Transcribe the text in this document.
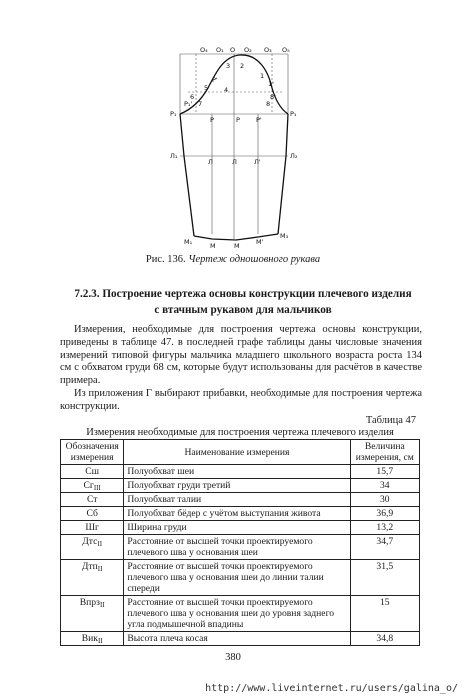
O₁ O O₂ O₃ O₅
O₄
3 2
1
1'
P'
5 4
6	8'
P₁' 7	8
P₁
P	P P'
P₁
Л₁
Л	Л	Л'
Л₂
M₁	M	M	M'
M₃
Рис. 136. Чертеж одношовного рукава
7.2.3. Построение чертежа основы конструкции плечевого изделия
с втачным рукавом для мальчиков
Измерения, необходимые для построения чертежа основы конструкции, приведены в таблице 47. в последней графе таблицы даны числовые значения измерений типовой фигуры мальчика младшего школьного возраста роста 134 см с обхватом груди 68 см, которые будут использованы для расчётов в качестве примера.
Из приложения Г выбирают прибавки, необходимые для построения чертежа конструкции.
Таблица 47
Измерения необходимые для построения чертежа плечевого изделия
Обозначения измерения	Наименование измерения	Величина измерения, см
Сш	Полуобхват шеи	15,7
$Сг_{III}$	Полуобхват груди третий	34
Ст	Полуобхват талии	30
Сб	Полуобхват бёдер с учётом выступания живота	36,9
Шг	Ширина груди	13,2
Дтс$_{II}$	Расстояние от высшей точки проектируемого плечевого шва у основания шеи	34,7
Дтп$_{II}$	Расстояние от высшей точки проектируемого плечевого шва у основания шеи до линии талии спереди	31,5
Впрз$_{II}$	Расстояние от высшей точки проектируемого плечевого шва у основания шеи до уровня заднего угла подмышечной впадины	15
Вик$_{II}$	Высота плеча косая	34,8
380
http://www.liveinternet.ru/users/galina_o/
